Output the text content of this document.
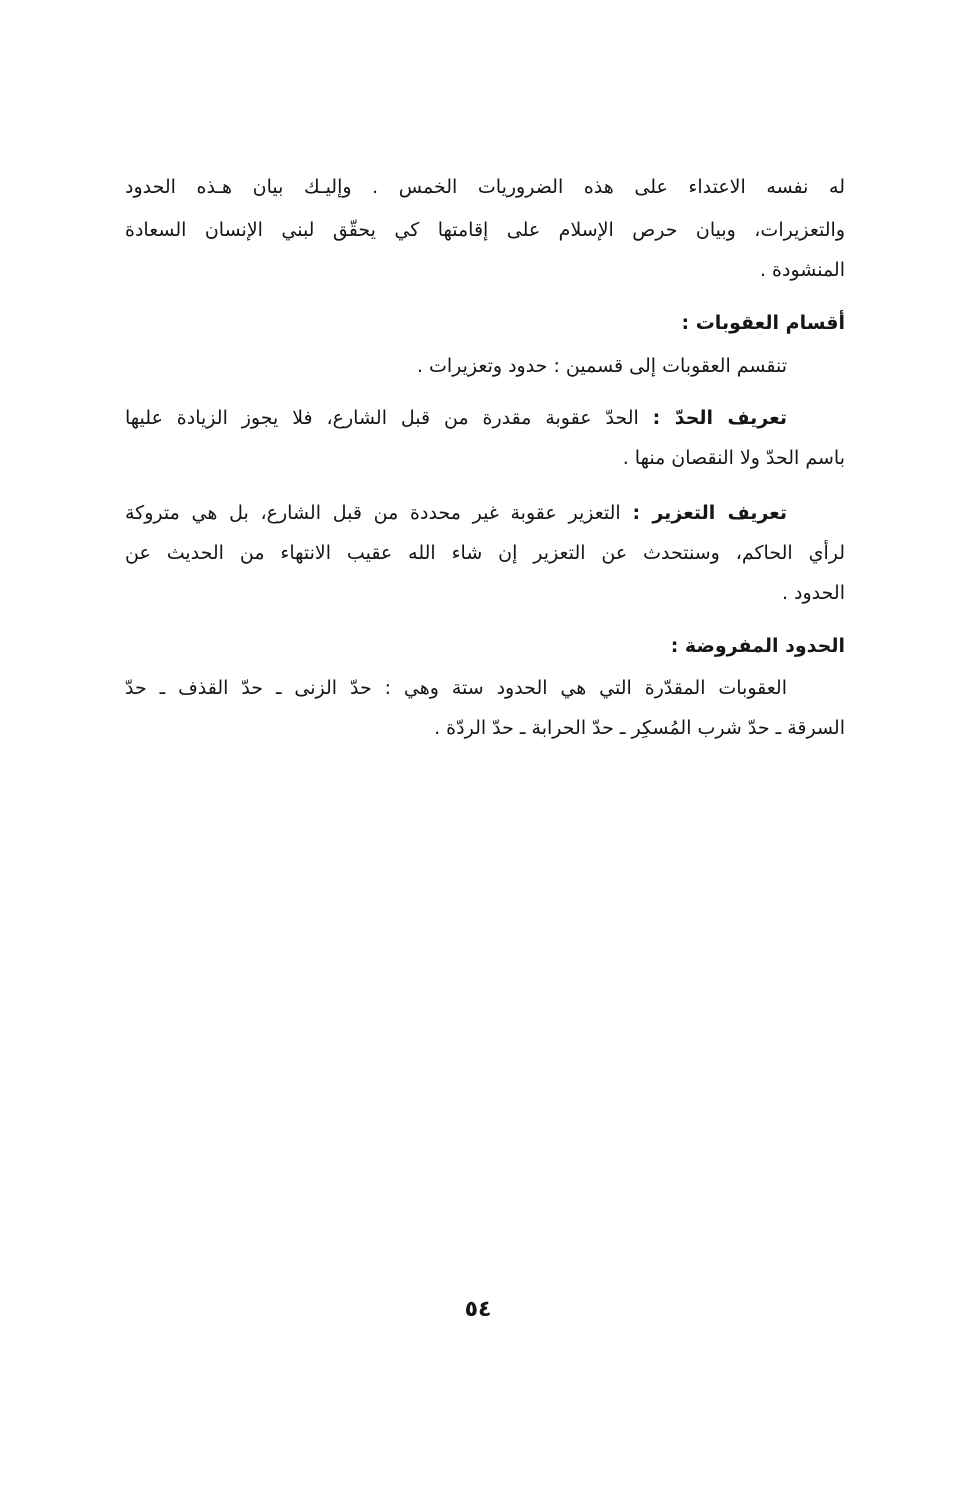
له نفسه الاعتداء على هذه الضروريات الخمس . وإليـك بيان هـذه الحدود
والتعزيرات، وبيان حرص الإسلام على إقامتها كي يحقّق لبني الإنسان السعادة
المنشودة .
أقسام العقوبات :
تنقسم العقوبات إلى قسمين : حدود وتعزيرات .
تعريف الحدّ : الحدّ عقوبة مقدرة من قبل الشارع، فلا يجوز الزيادة عليها
باسم الحدّ ولا النقصان منها .
تعريف التعزير : التعزير عقوبة غير محددة من قبل الشارع، بل هي متروكة
لرأي الحاكم، وسنتحدث عن التعزير إن شاء الله عقيب الانتهاء من الحديث عن
الحدود .
الحدود المفروضة :
العقوبات المقدّرة التي هي الحدود ستة وهي : حدّ الزنى ـ حدّ القذف ـ حدّ
السرقة ـ حدّ شرب المُسكِر ـ حدّ الحرابة ـ حدّ الردّة .
٥٤
